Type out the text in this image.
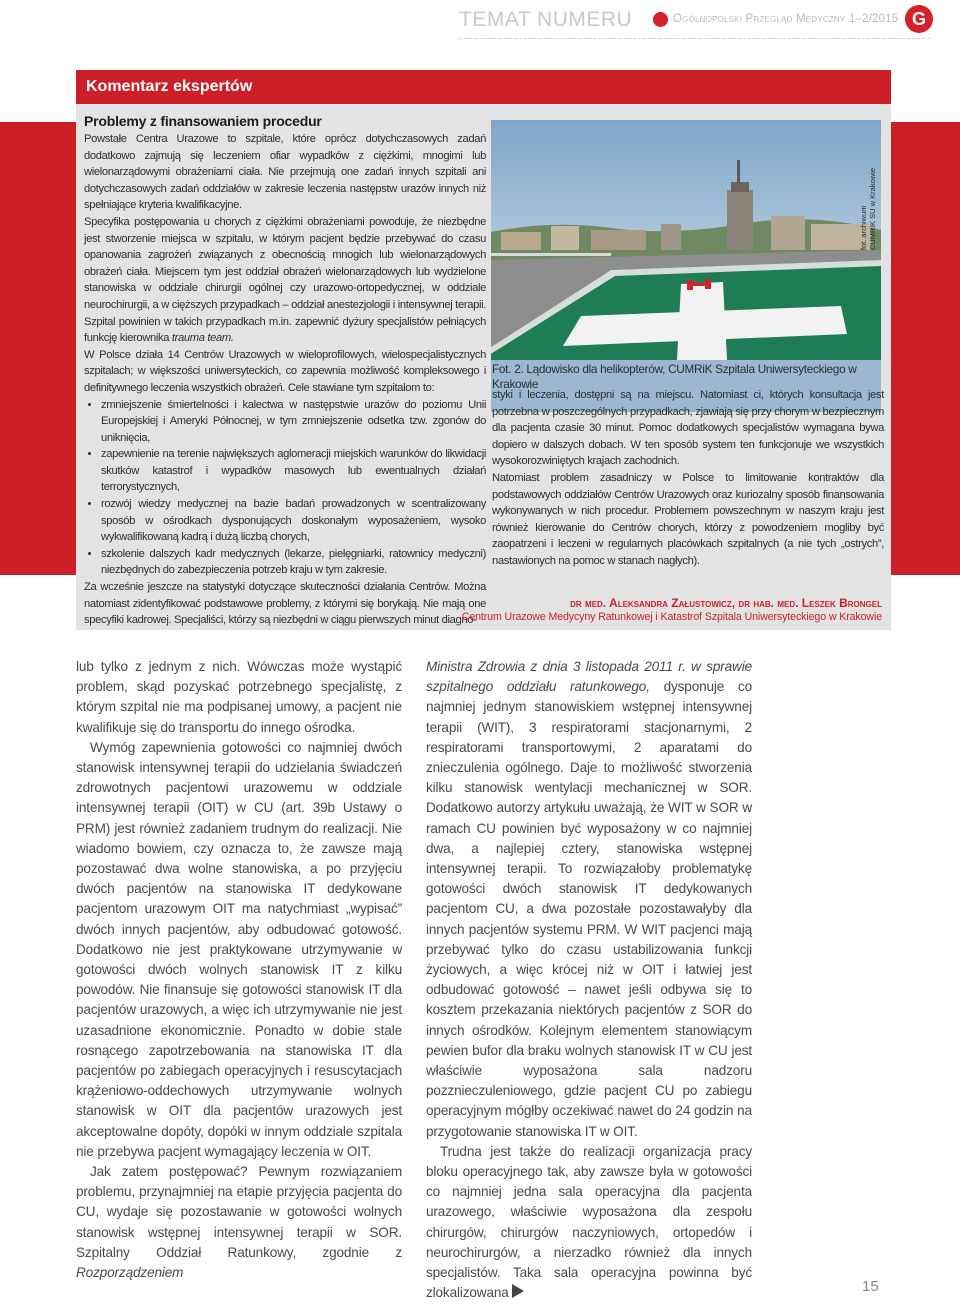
TEMAT NUMERU	Ogólnopolski Przegląd Medyczny 1–2/2015 G
Komentarz ekspertów
Problemy z finansowaniem procedur

Powstałe Centra Urazowe to szpitale, które oprócz dotychczasowych zadań dodatkowo zajmują się leczeniem ofiar wypadków z ciężkimi, mnogimi lub wielonarządowymi obrażeniami ciała. Nie przejmują one zadań innych szpitali ani dotychczasowych zadań oddziałów w zakresie leczenia następstw urazów innych niż spełniające kryteria kwalifikacyjne.

Specyfika postępowania u chorych z ciężkimi obrażeniami powoduje, że niezbędne jest stworzenie miejsca w szpitalu, w którym pacjent będzie przebywać do czasu opanowania zagrożeń związanych z obecnością mnogich lub wielonarządowych obrażeń ciała. Miejscem tym jest oddział obrażeń wielonarządowych lub wydzielone stanowiska w oddziale chirurgii ogólnej czy urazowo-ortopedycznej, w oddziale neurochirurgii, a w cięższych przypadkach – oddział anestezjologii i intensywnej terapii. Szpital powinien w takich przypadkach m.in. zapewnić dyżury specjalistów pełniących funkcję kierownika trauma team.

W Polsce działa 14 Centrów Urazowych w wieloprofilowych, wielospecjalistycznych szpitalach; w większości uniwersyteckich, co zapewnia możliwość kompleksowego i definitywnego leczenia wszystkich obrażeń. Cele stawiane tym szpitalom to:

• zmniejszenie śmiertelności i kalectwa w następstwie urazów do poziomu Unii Europejskiej i Ameryki Północnej, w tym zmniejszenie odsetka tzw. zgonów do uniknięcia,
• zapewnienie na terenie największych aglomeracji miejskich warunków do likwidacji skutków katastrof i wypadków masowych lub ewentualnych działań terrorystycznych,
• rozwój wiedzy medycznej na bazie badań prowadzonych w scentralizowany sposób w ośrodkach dysponujących doskonałym wyposażeniem, wysoko wykwalifikowaną kadrą i dużą liczbą chorych,
• szkolenie dalszych kadr medycznych (lekarze, pielęgniarki, ratownicy medyczni) niezbędnych do zabezpieczenia potrzeb kraju w tym zakresie.

Za wcześnie jeszcze na statystyki dotyczące skuteczności działania Centrów. Można natomiast zidentyfikować podstawowe problemy, z którymi się borykają. Nie mają one specyfiki kadrowej. Specjaliści, którzy są niezbędni w ciągu pierwszych minut diagno-

fot. archiwum
CUMRiK SU w Krakowie
Fot. 2. Lądowisko dla helikopterów, CUMRiK Szpitala Uniwersyteckiego w Krakowie

styki i leczenia, dostępni są na miejscu. Natomiast ci, których konsultacja jest potrzebna w poszczególnych przypadkach, zjawiają się przy chorym w bezpiecznym dla pacjenta czasie 30 minut. Pomoc dodatkowych specjalistów wymagana bywa dopiero w dalszych dobach. W ten sposób system ten funkcjonuje we wszystkich wysokorozwiniętych krajach zachodnich.

Natomiast problem zasadniczy w Polsce to limitowanie kontraktów dla podstawowych oddziałów Centrów Urazowych oraz kuriozalny sposób finansowania wykonywanych w nich procedur. Problemem powszechnym w naszym kraju jest również kierowanie do Centrów chorych, którzy z powodzeniem mogliby być zaopatrzeni i leczeni w regularnych placówkach szpitalnych (a nie tych „ostrych”, nastawionych na pomoc w stanach nagłych).

dr med. Aleksandra Załustowicz, dr hab. med. Leszek Brongel
Centrum Urazowe Medycyny Ratunkowej i Katastrof Szpitala Uniwersyteckiego w Krakowie

lub tylko z jednym z nich. Wówczas może wystąpić problem, skąd pozyskać potrzebnego specjalistę, z którym szpital nie ma podpisanej umowy, a pacjent nie kwalifikuje się do transportu do innego ośrodka.

Wymóg zapewnienia gotowości co najmniej dwóch stanowisk intensywnej terapii do udzielania świadczeń zdrowotnych pacjentowi urazowemu w oddziale intensywnej terapii (OIT) w CU (art. 39b Ustawy o PRM) jest również zadaniem trudnym do realizacji. Nie wiadomo bowiem, czy oznacza to, że zawsze mają pozostawać dwa wolne stanowiska, a po przyjęciu dwóch pacjentów na stanowiska IT dedykowane pacjentom urazowym OIT ma natychmiast „wypisać” dwóch innych pacjentów, aby odbudować gotowość. Dodatkowo nie jest praktykowane utrzymywanie w gotowości dwóch wolnych stanowisk IT z kilku powodów. Nie finansuje się gotowości stanowisk IT dla pacjentów urazowych, a więc ich utrzymywanie nie jest uzasadnione ekonomicznie. Ponadto w dobie stale rosnącego zapotrzebowania na stanowiska IT dla pacjentów po zabiegach operacyjnych i resuscytacjach krążeniowo-oddechowych utrzymywanie wolnych stanowisk w OIT dla pacjentów urazowych jest akceptowalne dopóty, dopóki w innym oddziale szpitala nie przebywa pacjent wymagający leczenia w OIT.

Jak zatem postępować? Pewnym rozwiązaniem problemu, przynajmniej na etapie przyjęcia pacjenta do CU, wydaje się pozostawanie w gotowości wolnych stanowisk wstępnej intensywnej terapii w SOR. Szpitalny Oddział Ratunkowy, zgodnie z Rozporządzeniem

Ministra Zdrowia z dnia 3 listopada 2011 r. w sprawie szpitalnego oddziału ratunkowego, dysponuje co najmniej jednym stanowiskiem wstępnej intensywnej terapii (WIT), 3 respiratorami stacjonarnymi, 2 respiratorami transportowymi, 2 aparatami do znieczulenia ogólnego. Daje to możliwość stworzenia kilku stanowisk wentylacji mechanicznej w SOR. Dodatkowo autorzy artykułu uważają, że WIT w SOR w ramach CU powinien być wyposażony w co najmniej dwa, a najlepiej cztery, stanowiska wstępnej intensywnej terapii. To rozwiązałoby problematykę gotowości dwóch stanowisk IT dedykowanych pacjentom CU, a dwa pozostałe pozostawałyby dla innych pacjentów systemu PRM. W WIT pacjenci mają przebywać tylko do czasu ustabilizowania funkcji życiowych, a więc krócej niż w OIT i łatwiej jest odbudować gotowość – nawet jeśli odbywa się to kosztem przekazania niektórych pacjentów z SOR do innych ośrodków. Kolejnym elementem stanowiącym pewien bufor dla braku wolnych stanowisk IT w CU jest właściwie wyposażona sala nadzoru pozznieczuleniowego, gdzie pacjent CU po zabiegu operacyjnym mógłby oczekiwać nawet do 24 godzin na przygotowanie stanowiska IT w OIT.

Trudna jest także do realizacji organizacja pracy bloku operacyjnego tak, aby zawsze była w gotowości co najmniej jedna sala operacyjna dla pacjenta urazowego, właściwie wyposażona dla zespołu chirurgów, chirurgów naczyniowych, ortopedów i neurochirurgów, a nierzadko również dla innych specjalistów. Taka sala operacyjna powinna być zlokalizowana	15
